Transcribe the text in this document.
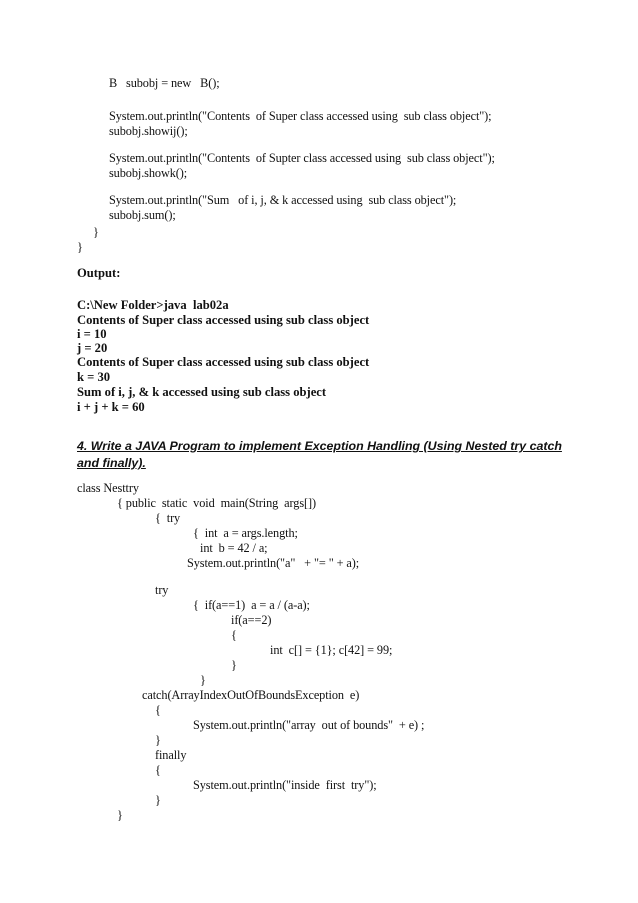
B   subobj = new   B();
System.out.println("Contents  of Super class accessed using  sub class object");
subobj.showij();
System.out.println("Contents  of Supter class accessed using  sub class object");
subobj.showk();
System.out.println("Sum   of i, j, & k accessed using  sub class object");
subobj.sum();
}
}
Output:
C:\New Folder>java  lab02a
Contents of Super class accessed using sub class object
i = 10
j = 20
Contents of Super class accessed using sub class object
k = 30
Sum of i, j, & k accessed using sub class object
i + j + k = 60
4. Write a JAVA Program to implement Exception Handling (Using Nested try catch and finally).
class Nesttry
{ public  static  void  main(String  args[])
{  try
{  int  a = args.length;
int  b = 42 / a;
System.out.println("a"   + "= " + a);
try
{  if(a==1)  a = a / (a-a);
if(a==2)
{
int  c[] = {1}; c[42] = 99;
}
}
catch(ArrayIndexOutOfBoundsException  e)
{
System.out.println("array  out of bounds"  + e) ;
}
finally
{
System.out.println("inside  first  try");
}
}
